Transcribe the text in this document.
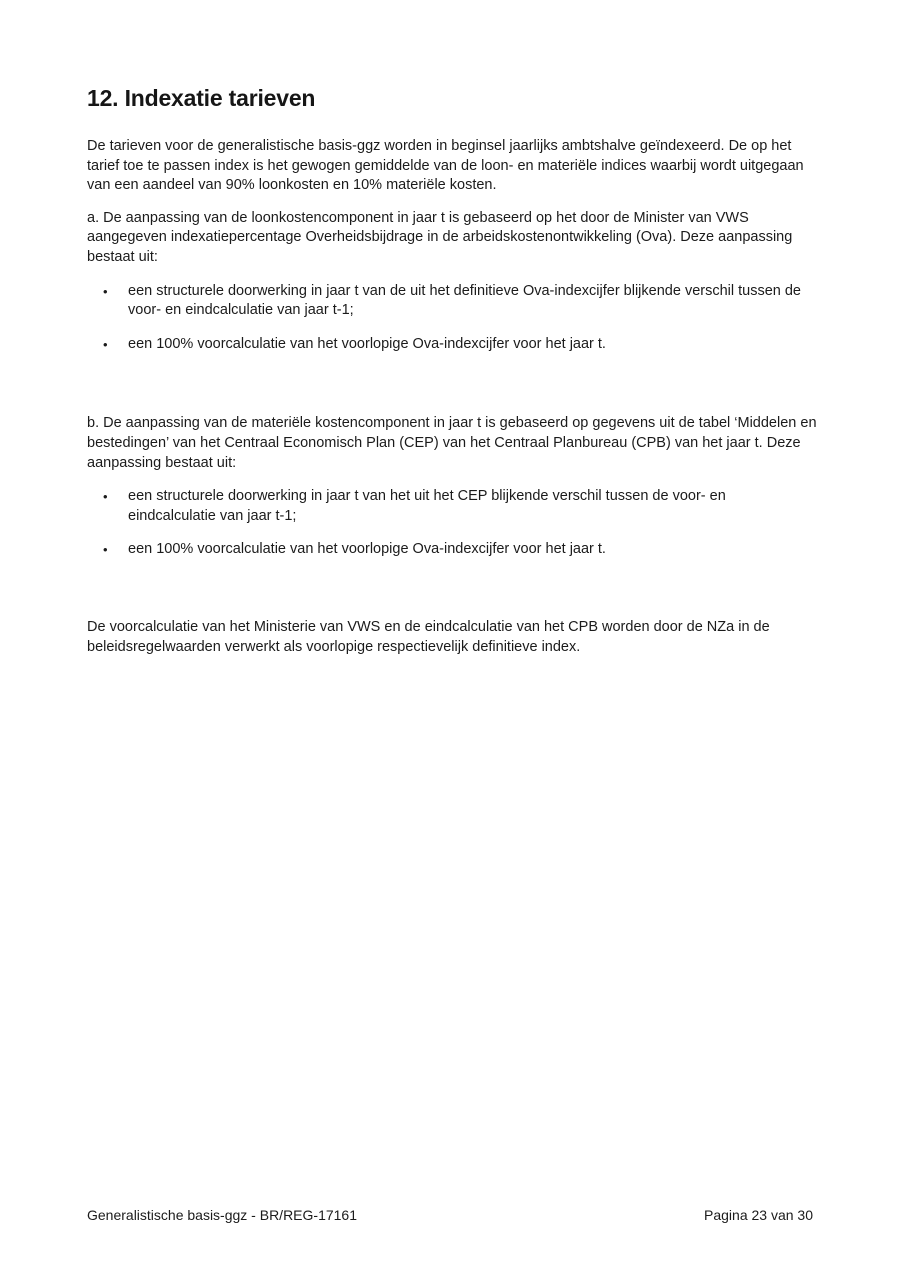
12. Indexatie tarieven

De tarieven voor de generalistische basis-ggz worden in beginsel jaarlijks ambtshalve geïndexeerd. De op het tarief toe te passen index is het gewogen gemiddelde van de loon- en materiële indices waarbij wordt uitgegaan van een aandeel van 90% loonkosten en 10% materiële kosten.

a. De aanpassing van de loonkostencomponent in jaar t is gebaseerd op het door de Minister van VWS aangegeven indexatiepercentage Overheidsbijdrage in de arbeidskostenontwikkeling (Ova). Deze aanpassing bestaat uit:

• een structurele doorwerking in jaar t van de uit het definitieve Ova-indexcijfer blijkende verschil tussen de voor- en eindcalculatie van jaar t-1;
• een 100% voorcalculatie van het voorlopige Ova-indexcijfer voor het jaar t.

b. De aanpassing van de materiële kostencomponent in jaar t is gebaseerd op gegevens uit de tabel ‘Middelen en bestedingen’ van het Centraal Economisch Plan (CEP) van het Centraal Planbureau (CPB) van het jaar t. Deze aanpassing bestaat uit:

• een structurele doorwerking in jaar t van het uit het CEP blijkende verschil tussen de voor- en eindcalculatie van jaar t-1;
• een 100% voorcalculatie van het voorlopige Ova-indexcijfer voor het jaar t.

De voorcalculatie van het Ministerie van VWS en de eindcalculatie van het CPB worden door de NZa in de beleidsregelwaarden verwerkt als voorlopige respectievelijk definitieve index.

Generalistische basis-ggz - BR/REG-17161	Pagina 23 van 30
